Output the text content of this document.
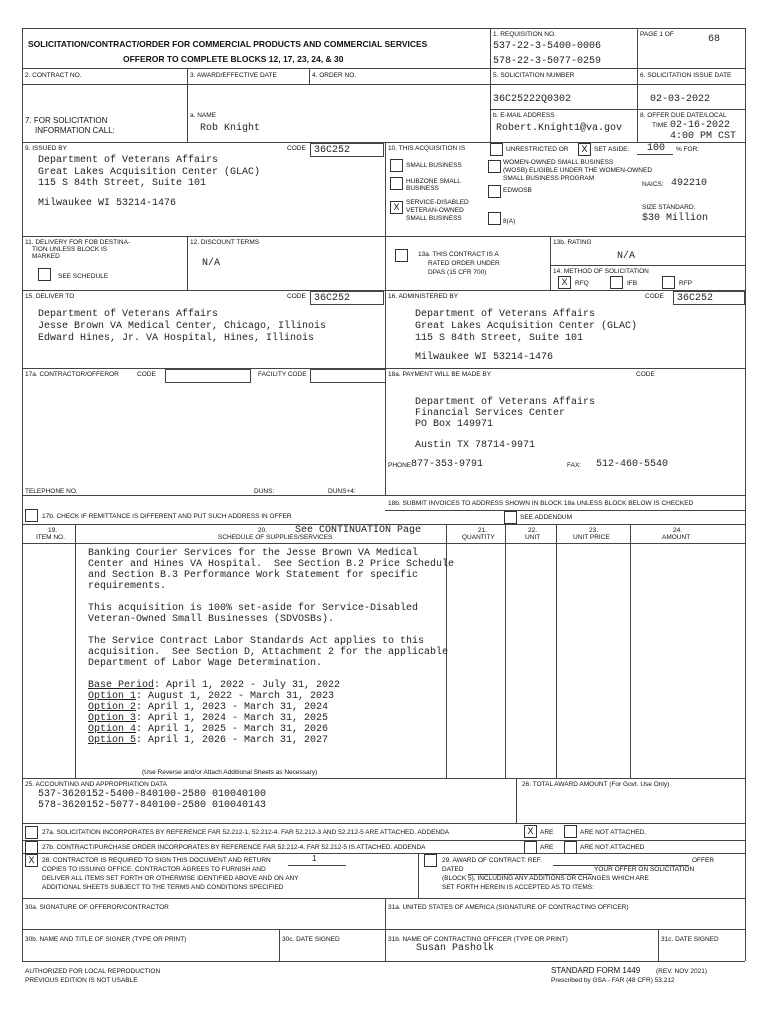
SOLICITATION/CONTRACT/ORDER FOR COMMERCIAL PRODUCTS AND COMMERCIAL SERVICES
OFFEROR TO COMPLETE BLOCKS 12, 17, 23, 24, & 30
1. REQUISITION NO.
537-22-3-5400-0006
578-22-3-5077-0259
PAGE 1 OF	68
2. CONTRACT NO.	3. AWARD/EFFECTIVE DATE	4. ORDER NO.	5. SOLICITATION NUMBER
36C25222Q0302
6. SOLICITATION ISSUE DATE
02-03-2022
7. FOR SOLICITATION
INFORMATION CALL:
a. NAME
Rob Knight
b. E-MAIL ADDRESS
Robert.Knight1@va.gov
8. OFFER DUE DATE/LOCAL
TIME 02-16-2022
4:00 PM CST
9. ISSUED BY	CODE 36C252
Department of Veterans Affairs
Great Lakes Acquisition Center (GLAC)
115 S 84th Street, Suite 101
Milwaukee WI 53214-1476
10. THIS ACQUISITION IS	UNRESTRICTED OR	X	SET ASIDE: 100 % FOR:
SMALL BUSINESS
HUBZONE SMALL
BUSINESS
X	SERVICE-DISABLED
VETERAN-OWNED
SMALL BUSINESS
WOMEN-OWNED SMALL BUSINESS
(WOSB) ELIGIBLE UNDER THE WOMEN-OWNED
SMALL BUSINESS PROGRAM
EDWOSB
8(A)
NAICS: 492210
SIZE STANDARD:
$30 Million
11. DELIVERY FOR FOB DESTINA-
TION UNLESS BLOCK IS
MARKED
SEE SCHEDULE
12. DISCOUNT TERMS
N/A
13a. THIS CONTRACT IS A
RATED ORDER UNDER
DPAS (15 CFR 700)
13b. RATING
N/A
14. METHOD OF SOLICITATION
X	RFQ	IFB	RFP
15. DELIVER TO	CODE 36C252
Department of Veterans Affairs
Jesse Brown VA Medical Center, Chicago, Illinois
Edward Hines, Jr. VA Hospital, Hines, Illinois
16. ADMINISTERED BY	CODE 36C252
Department of Veterans Affairs
Great Lakes Acquisition Center (GLAC)
115 S 84th Street, Suite 101
Milwaukee WI 53214-1476
17a. CONTRACTOR/OFFEROR	CODE	FACILITY CODE
TELEPHONE NO.	DUNS:	DUNS+4:
17b. CHECK IF REMITTANCE IS DIFFERENT AND PUT SUCH ADDRESS IN OFFER
18a. PAYMENT WILL BE MADE BY	CODE
Department of Veterans Affairs
Financial Services Center
PO Box 149971
Austin TX 78714-9971
PHONE:
877-353-9791	FAX: 512-460-5540
18b. SUBMIT INVOICES TO ADDRESS SHOWN IN BLOCK 18a UNLESS BLOCK BELOW IS CHECKED
SEE ADDENDUM
19.
ITEM NO.
20.	See CONTINUATION Page
SCHEDULE OF SUPPLIES/SERVICES
21.
QUANTITY
22.
UNIT
23.
UNIT PRICE
24.
AMOUNT
Banking Courier Services for the Jesse Brown VA Medical
Center and Hines VA Hospital.  See Section B.2 Price Schedule
and Section B.3 Performance Work Statement for specific
requirements.
This acquisition is 100% set-aside for Service-Disabled
Veteran-Owned Small Businesses (SDVOSBs).
The Service Contract Labor Standards Act applies to this
acquisition.  See Section D, Attachment 2 for the applicable
Department of Labor Wage Determination.
Base Period: April 1, 2022 - July 31, 2022
Option 1: August 1, 2022 - March 31, 2023
Option 2: April 1, 2023 - March 31, 2024
Option 3: April 1, 2024 - March 31, 2025
Option 4: April 1, 2025 - March 31, 2026
Option 5: April 1, 2026 - March 31, 2027
(Use Reverse and/or Attach Additional Sheets as Necessary)
25. ACCOUNTING AND APPROPRIATION DATA
537-3620152-5400-840100-2580 010040100
578-3620152-5077-840100-2580 010040143
26. TOTAL AWARD AMOUNT (For Govt. Use Only)
27a. SOLICITATION INCORPORATES BY REFERENCE FAR 52.212-1, 52.212-4. FAR 52.212-3 AND 52.212-5 ARE ATTACHED. ADDENDA	X	ARE	ARE NOT ATTACHED.
27b. CONTRACT/PURCHASE ORDER INCORPORATES BY REFERENCE FAR 52.212-4. FAR 52.212-5 IS ATTACHED. ADDENDA	ARE	ARE NOT ATTACHED
X	28. CONTRACTOR IS REQUIRED TO SIGN THIS DOCUMENT AND RETURN	1
COPIES TO ISSUING OFFICE. CONTRACTOR AGREES TO FURNISH AND
DELIVER ALL ITEMS SET FORTH OR OTHERWISE IDENTIFIED ABOVE AND ON ANY
ADDITIONAL SHEETS SUBJECT TO THE TERMS AND CONDITIONS SPECIFIED
29. AWARD OF CONTRACT: REF.	OFFER
DATED	YOUR OFFER ON SOLICITATION
(BLOCK 5), INCLUDING ANY ADDITIONS OR CHANGES WHICH ARE
SET FORTH HEREIN IS ACCEPTED AS TO ITEMS:
30a. SIGNATURE OF OFFEROR/CONTRACTOR	31a. UNITED STATES OF AMERICA (SIGNATURE OF CONTRACTING OFFICER)
30b. NAME AND TITLE OF SIGNER (TYPE OR PRINT)	30c. DATE SIGNED	31b. NAME OF CONTRACTING OFFICER (TYPE OR PRINT)
Susan Pasholk
31c. DATE SIGNED
AUTHORIZED FOR LOCAL REPRODUCTION
PREVIOUS EDITION IS NOT USABLE
STANDARD FORM 1449 (REV. NOV 2021)
Prescribed by GSA - FAR (48 CFR) 53.212
